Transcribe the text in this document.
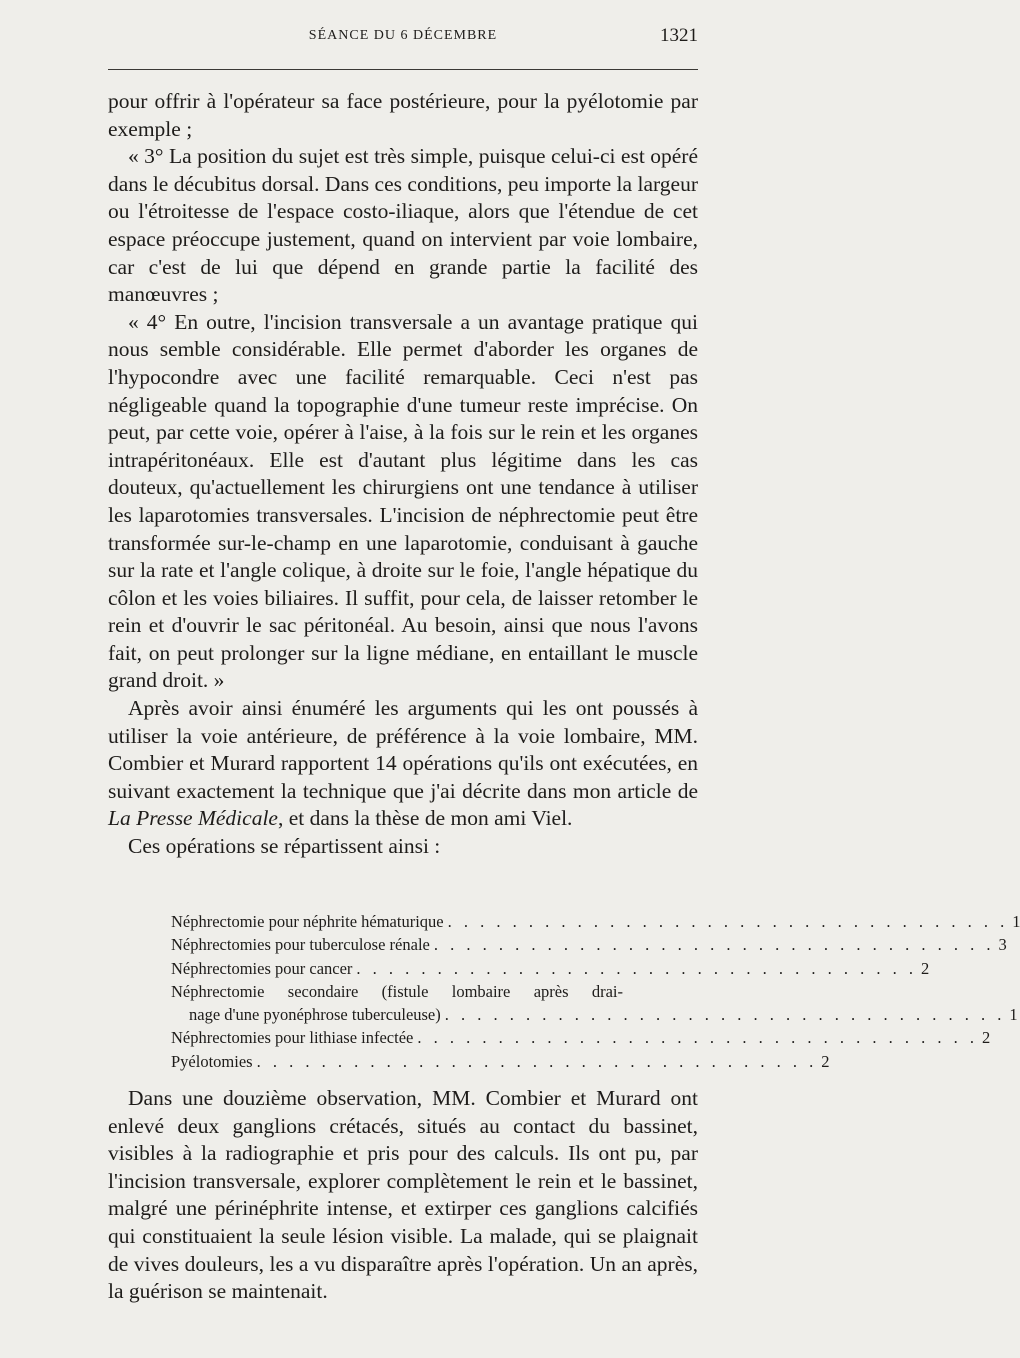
SÉANCE DU 6 DÉCEMBRE	1321

pour offrir à l'opérateur sa face postérieure, pour la pyélotomie par exemple ;

« 3° La position du sujet est très simple, puisque celui-ci est opéré dans le décubitus dorsal. Dans ces conditions, peu importe la largeur ou l'étroitesse de l'espace costo-iliaque, alors que l'étendue de cet espace préoccupe justement, quand on intervient par voie lombaire, car c'est de lui que dépend en grande partie la facilité des manœuvres ;

« 4° En outre, l'incision transversale a un avantage pratique qui nous semble considérable. Elle permet d'aborder les organes de l'hypocondre avec une facilité remarquable. Ceci n'est pas négligeable quand la topographie d'une tumeur reste imprécise. On peut, par cette voie, opérer à l'aise, à la fois sur le rein et les organes intrapéritonéaux. Elle est d'autant plus légitime dans les cas douteux, qu'actuellement les chirurgiens ont une tendance à utiliser les laparotomies transversales. L'incision de néphrectomie peut être transformée sur-le-champ en une laparotomie, conduisant à gauche sur la rate et l'angle colique, à droite sur le foie, l'angle hépatique du côlon et les voies biliaires. Il suffit, pour cela, de laisser retomber le rein et d'ouvrir le sac péritonéal. Au besoin, ainsi que nous l'avons fait, on peut prolonger sur la ligne médiane, en entaillant le muscle grand droit. »

Après avoir ainsi énuméré les arguments qui les ont poussés à utiliser la voie antérieure, de préférence à la voie lombaire, MM. Combier et Murard rapportent 14 opérations qu'ils ont exécutées, en suivant exactement la technique que j'ai décrite dans mon article de La Presse Médicale, et dans la thèse de mon ami Viel.

Ces opérations se répartissent ainsi :

Néphrectomie pour néphrite hématurique . . . . . . . . . . . . . . . . . . . . . . . . . . . . . . . . . . . 1
Néphrectomies pour tuberculose rénale . . . . . . . . . . . . . . . . . . . . . . . . . . . . . . . . . . . 3
Néphrectomies pour cancer . . . . . . . . . . . . . . . . . . . . . . . . . . . . . . . . . . . 2
Néphrectomie secondaire (fistule lombaire après drai-
nage d'une pyonéphrose tuberculeuse) . . . . . . . . . . . . . . . . . . . . . . . . . . . . . . . . . . . 1
Néphrectomies pour lithiase infectée . . . . . . . . . . . . . . . . . . . . . . . . . . . . . . . . . . . 2
Pyélotomies . . . . . . . . . . . . . . . . . . . . . . . . . . . . . . . . . . . 2

Dans une douzième observation, MM. Combier et Murard ont enlevé deux ganglions crétacés, situés au contact du bassinet, visibles à la radiographie et pris pour des calculs. Ils ont pu, par l'incision transversale, explorer complètement le rein et le bassinet, malgré une périnéphrite intense, et extirper ces ganglions calcifiés qui constituaient la seule lésion visible. La malade, qui se plaignait de vives douleurs, les a vu disparaître après l'opération. Un an après, la guérison se maintenait.
